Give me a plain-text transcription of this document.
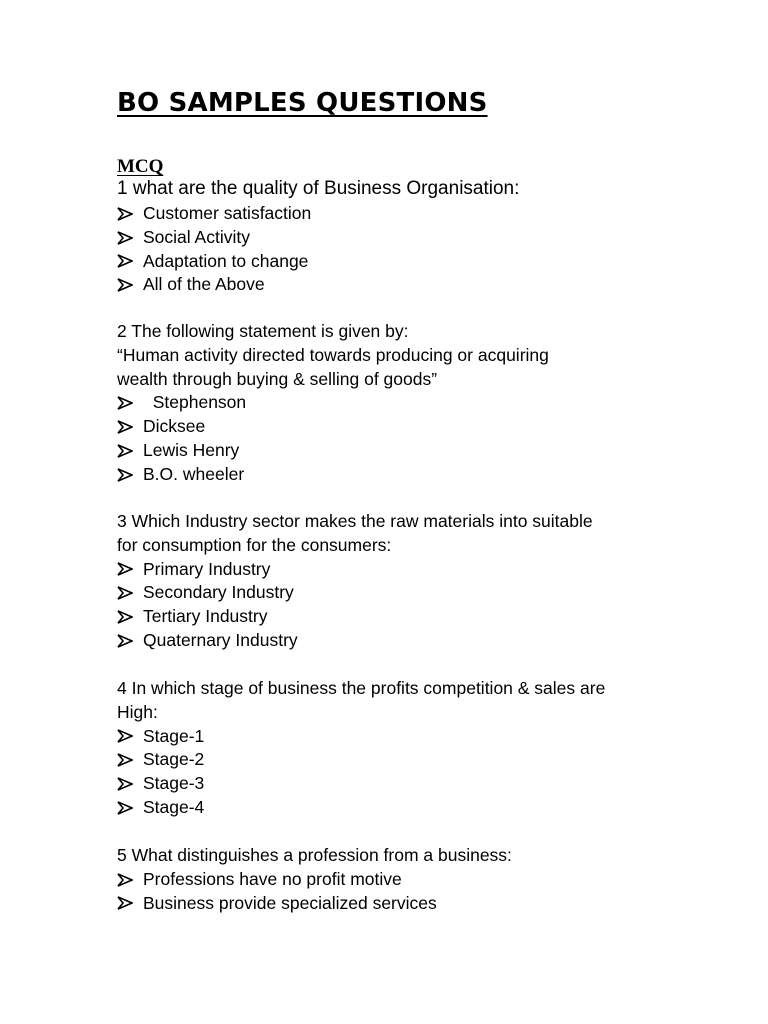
BO SAMPLES QUESTIONS
MCQ
1 what are the quality of Business Organisation:
Customer satisfaction
Social Activity
Adaptation to change
All of the Above
2 The following statement is given by:
“Human activity directed towards producing or acquiring
wealth through buying & selling of goods”
Stephenson
Dicksee
Lewis Henry
B.O. wheeler
3 Which Industry sector makes the raw materials into suitable
for consumption for the consumers:
Primary Industry
Secondary Industry
Tertiary Industry
Quaternary Industry
4 In which stage of business the profits competition & sales are
High:
Stage-1
Stage-2
Stage-3
Stage-4
5 What distinguishes a profession from a business:
Professions have no profit motive
Business provide specialized services
